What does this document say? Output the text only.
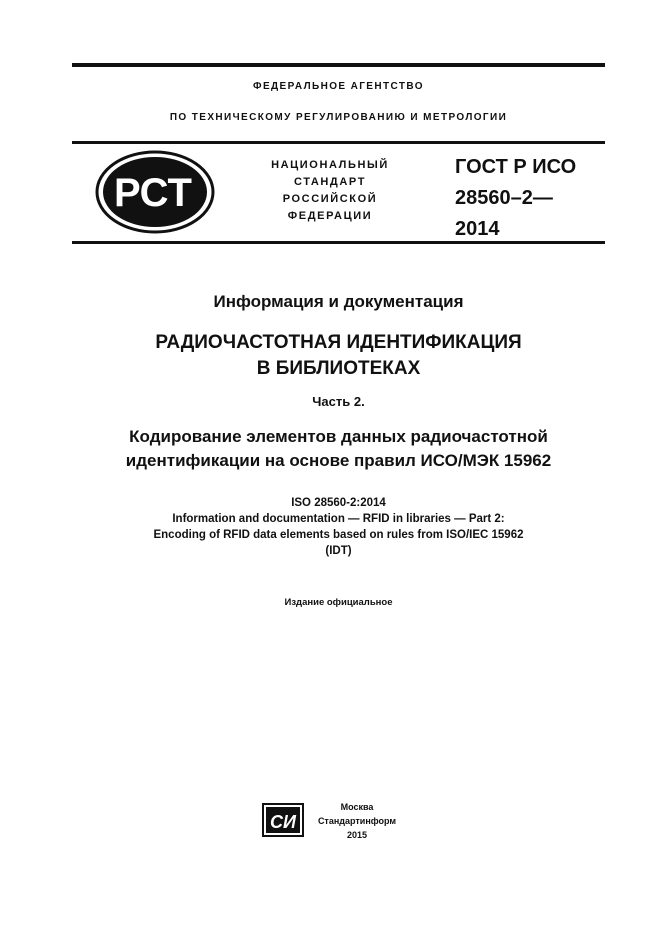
ФЕДЕРАЛЬНОЕ АГЕНТСТВО
ПО ТЕХНИЧЕСКОМУ РЕГУЛИРОВАНИЮ И МЕТРОЛОГИИ
РСТ
НАЦИОНАЛЬНЫЙ
СТАНДАРТ
РОССИЙСКОЙ
ФЕДЕРАЦИИ
ГОСТ Р ИСО
28560–2—
2014
Информация и документация
РАДИОЧАСТОТНАЯ ИДЕНТИФИКАЦИЯ
В БИБЛИОТЕКАХ
Часть 2.
Кодирование элементов данных радиочастотной
идентификации на основе правил ИСО/МЭК 15962
ISO 28560-2:2014
Information and documentation — RFID in libraries — Part 2:
Encoding of RFID data elements based on rules from ISO/IEC 15962
(IDT)
Издание официальное
СИ
Москва
Стандартинформ
2015
